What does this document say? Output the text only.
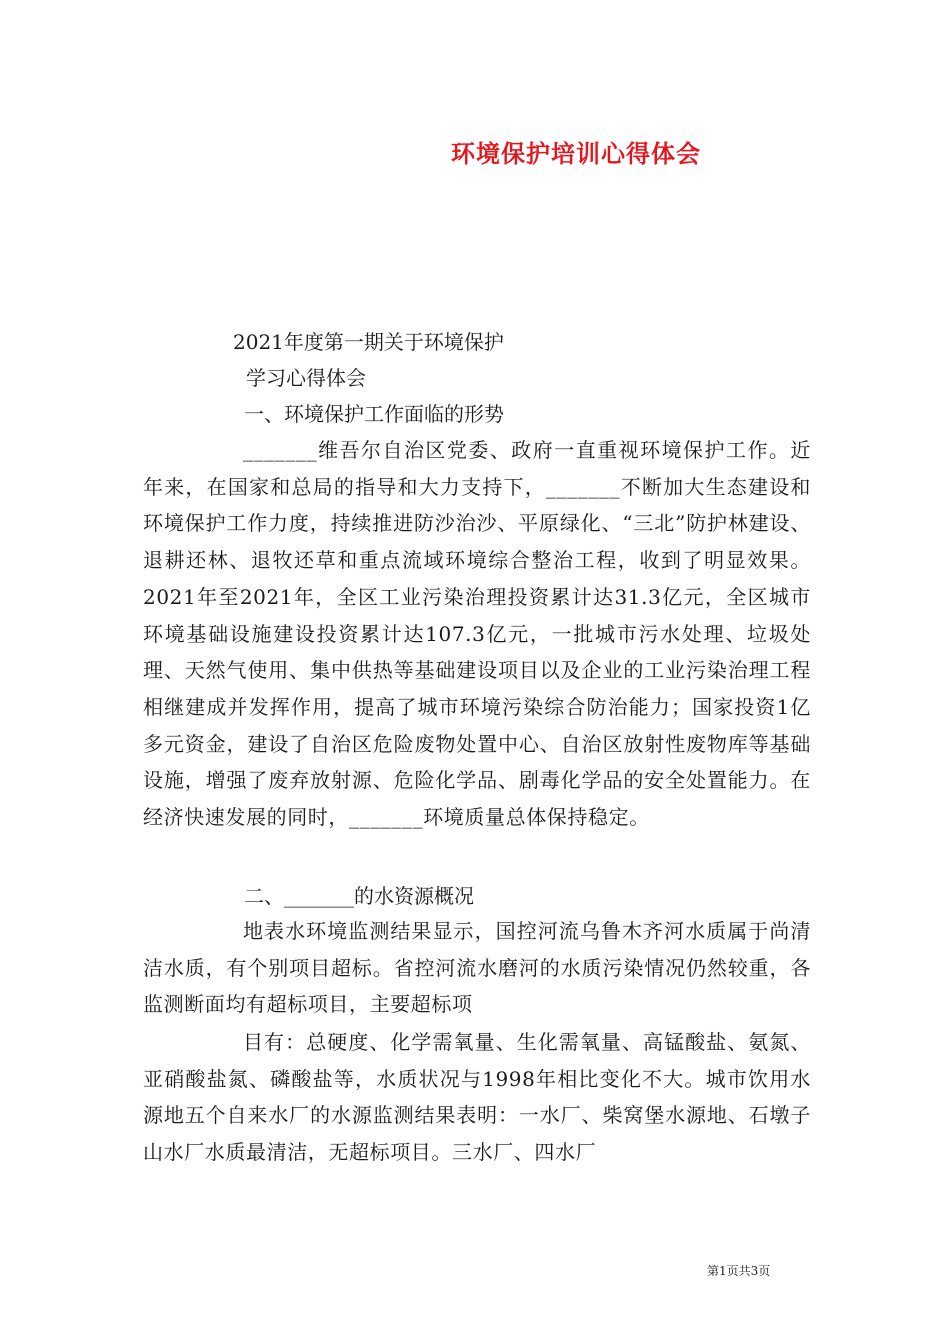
环境保护培训心得体会
2021年度第一期关于环境保护
学习心得体会
一、环境保护工作面临的形势
_______维吾尔自治区党委、政府一直重视环境保护工作。近年来，在国家和总局的指导和大力支持下，_______不断加大生态建设和环境保护工作力度，持续推进防沙治沙、平原绿化、“三北”防护林建设、退耕还林、退牧还草和重点流域环境综合整治工程，收到了明显效果。2021年至2021年，全区工业污染治理投资累计达31.3亿元，全区城市环境基础设施建设投资累计达107.3亿元，一批城市污水处理、垃圾处理、天然气使用、集中供热等基础建设项目以及企业的工业污染治理工程相继建成并发挥作用，提高了城市环境污染综合防治能力；国家投资1亿多元资金，建设了自治区危险废物处置中心、自治区放射性废物库等基础设施，增强了废弃放射源、危险化学品、剧毒化学品的安全处置能力。在经济快速发展的同时，_______环境质量总体保持稳定。
二、_______的水资源概况
地表水环境监测结果显示，国控河流乌鲁木齐河水质属于尚清洁水质，有个别项目超标。省控河流水磨河的水质污染情况仍然较重，各监测断面均有超标项目，主要超标项
目有：总硬度、化学需氧量、生化需氧量、高锰酸盐、氨氮、亚硝酸盐氮、磷酸盐等，水质状况与1998年相比变化不大。城市饮用水源地五个自来水厂的水源监测结果表明：一水厂、柴窝堡水源地、石墩子山水厂水质最清洁，无超标项目。三水厂、四水厂
第1页共3页
